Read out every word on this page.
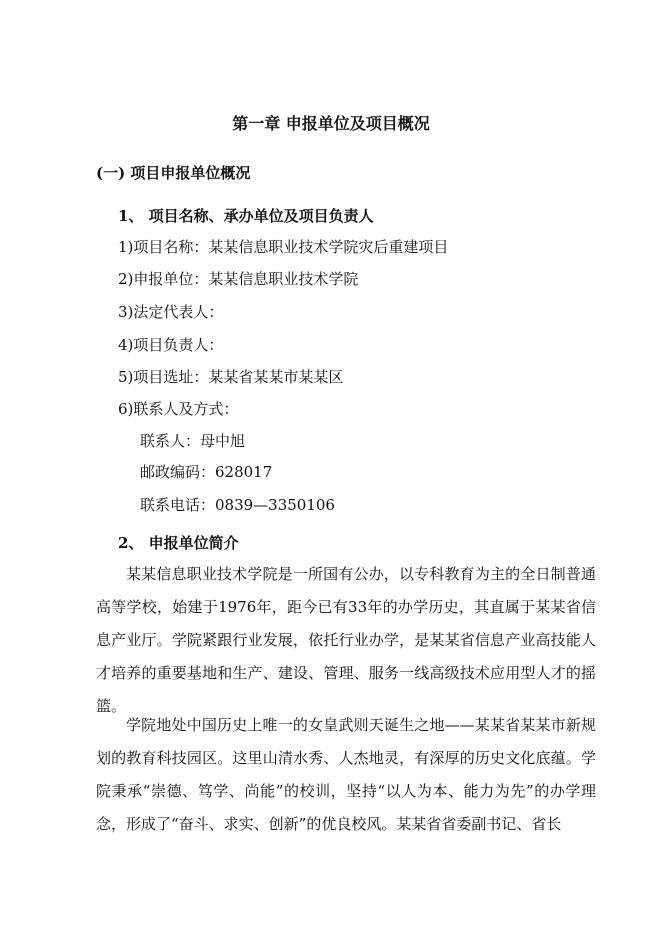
第一章 申报单位及项目概况
(一) 项目申报单位概况
1、 项目名称、承办单位及项目负责人
1)项目名称：某某信息职业技术学院灾后重建项目
2)申报单位：某某信息职业技术学院
3)法定代表人：
4)项目负责人：
5)项目选址：某某省某某市某某区
6)联系人及方式：
联系人：母中旭
邮政编码：628017
联系电话：0839—3350106
2、 申报单位简介
某某信息职业技术学院是一所国有公办，以专科教育为主的全日制普通高等学校，始建于1976年，距今已有33年的办学历史，其直属于某某省信息产业厅。学院紧跟行业发展，依托行业办学，是某某省信息产业高技能人才培养的重要基地和生产、建设、管理、服务一线高级技术应用型人才的摇篮。
学院地处中国历史上唯一的女皇武则天诞生之地——某某省某某市新规划的教育科技园区。这里山清水秀、人杰地灵，有深厚的历史文化底蕴。学院秉承“崇德、笃学、尚能”的校训，坚持“以人为本、能力为先”的办学理念，形成了“奋斗、求实、创新”的优良校风。某某省省委副书记、省长
